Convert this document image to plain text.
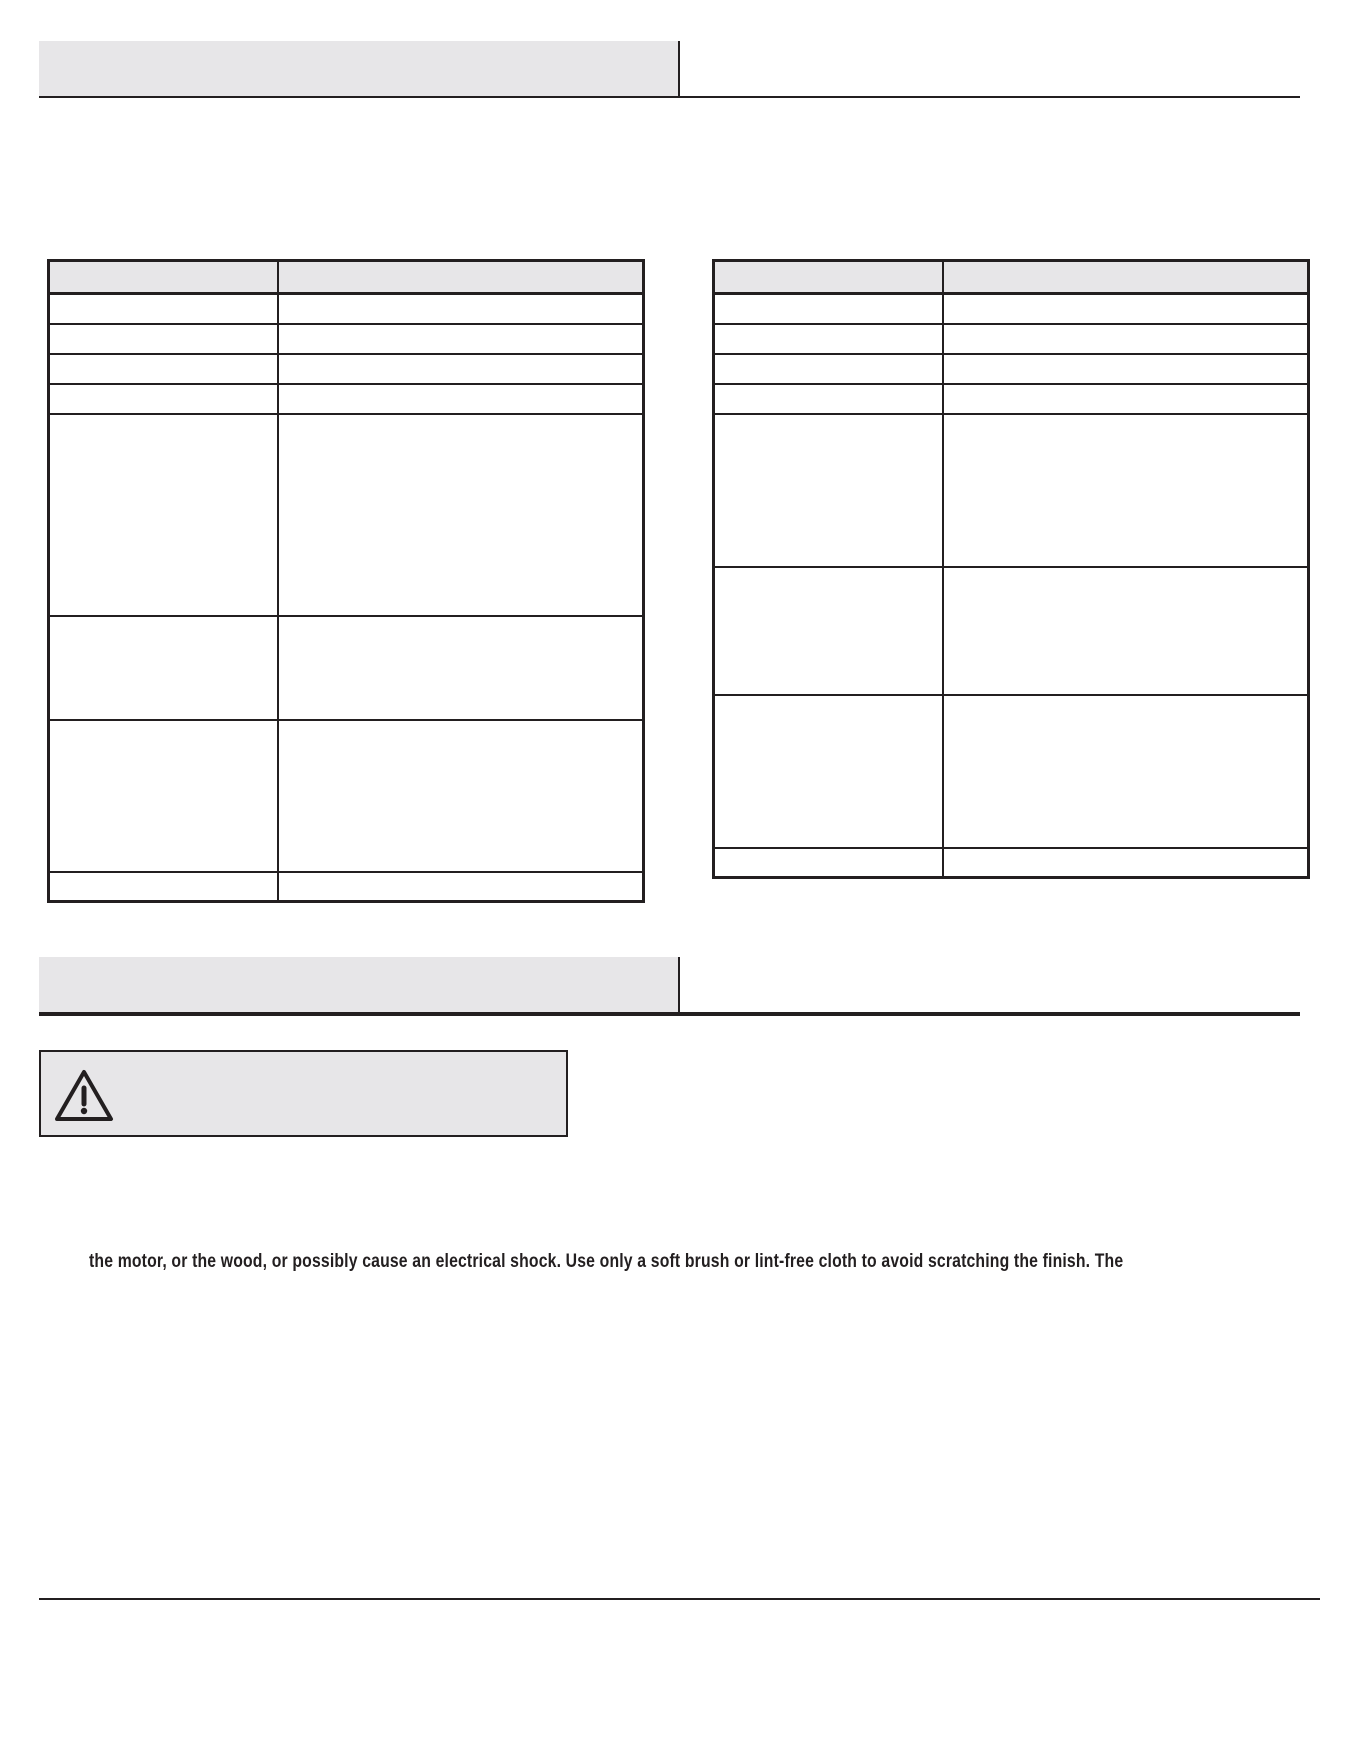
the motor, or the wood, or possibly cause an electrical shock. Use only a soft brush or lint-free cloth to avoid scratching the finish. The
